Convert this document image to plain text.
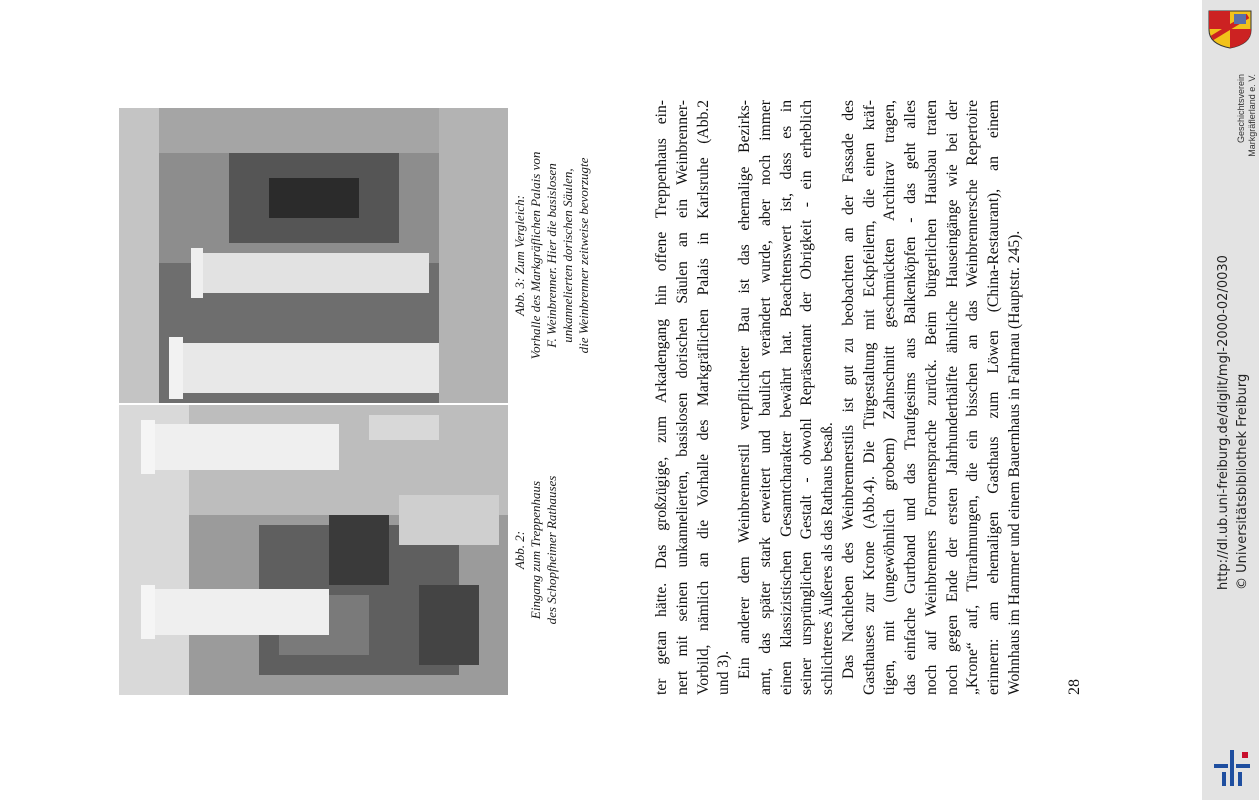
Abb. 2: Eingang zum Treppenhaus des Schopfheimer Rathauses
Abb. 3: Zum Vergleich: Vorhalle des Markgräflichen Palais von F. Weinbrenner. Hier die basislosen unkannelierten dorischen Säulen, die Weinbrenner zeitweise bevorzugte	ter getan hätte. Das großzügige, zum Arkadengang hin offene Treppenhaus ein- nert mit seinen unkannelierten, basislosen dorischen Säulen an ein Weinbrenner- Vorbild, nämlich an die Vorhalle des Markgräflichen Palais in Karlsruhe (Abb.2 und 3). Ein anderer dem Weinbrennerstil verpflichteter Bau ist das ehemalige Bezirks- amt, das später stark erweitert und baulich verändert wurde, aber noch immer einen klassizistischen Gesamtcharakter bewährt hat. Beachtenswert ist, dass es in seiner ursprünglichen Gestalt - obwohl Repräsentant der Obrigkeit - ein erheblich schlichteres Äußeres als das Rathaus besaß. Das Nachleben des Weinbrennerstils ist gut zu beobachten an der Fassade des Gasthauses zur Krone (Abb.4). Die Türgestaltung mit Eckpfeilern, die einen kräf- tigen, mit (ungewöhnlich grobem) Zahnschnitt geschmückten Architrav tragen, das einfache Gurtband und das Traufgesims aus Balkenköpfen - das geht alles noch auf Weinbrenners Formensprache zurück. Beim bürgerlichen Hausbau traten noch gegen Ende der ersten Jahrhunderthälfte ähnliche Hauseingänge wie bei der „Krone“ auf, Türrahmungen, die ein bisschen an das Weinbrennersche Repertoire erinnern: am ehemaligen Gasthaus zum Löwen (China-Restaurant), an einem Wohnhaus im Hammer und einem Bauernhaus in Fahrnau (Hauptstr. 245).	28
http://dl.ub.uni-freiburg.de/diglit/mgl-2000-02/0030 © Universitätsbibliothek Freiburg
Geschichtsverein Markgräflerland e. V.
